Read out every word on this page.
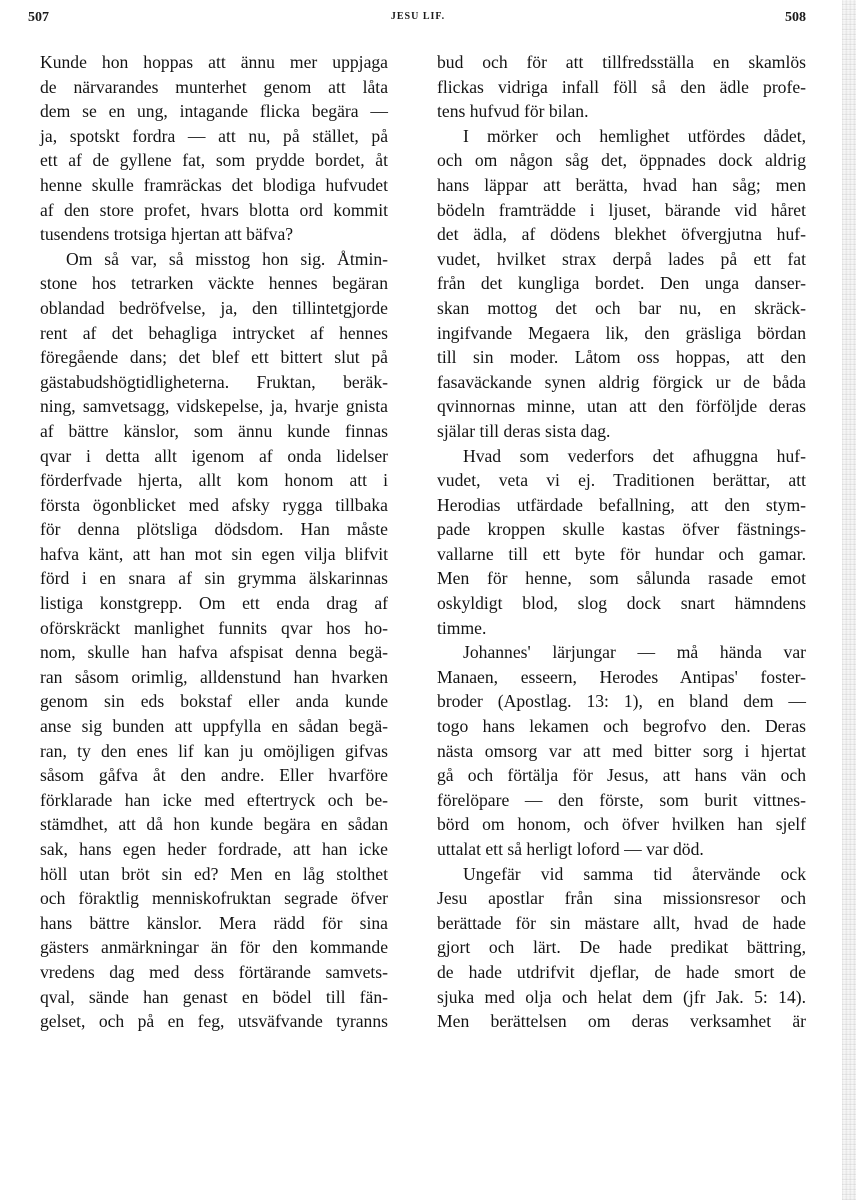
507	JESU LIF.	508
Kunde hon hoppas att ännu mer uppjaga
de närvarandes munterhet genom att låta
dem se en ung, intagande flicka begära —
ja, spotskt fordra — att nu, på stället, på
ett af de gyllene fat, som prydde bordet, åt
henne skulle framräckas det blodiga hufvudet
af den store profet, hvars blotta ord kommit
tusendens trotsiga hjertan att bäfva?
Om så var, så misstog hon sig. Åtmin-
stone hos tetrarken väckte hennes begäran
oblandad bedröfvelse, ja, den tillintetgjorde
rent af det behagliga intrycket af hennes
föregående dans; det blef ett bittert slut på
gästabudshögtidligheterna. Fruktan, beräk-
ning, samvetsagg, vidskepelse, ja, hvarje gnista
af bättre känslor, som ännu kunde finnas
qvar i detta allt igenom af onda lidelser
förderfvade hjerta, allt kom honom att i
första ögonblicket med afsky rygga tillbaka
för denna plötsliga dödsdom. Han måste
hafva känt, att han mot sin egen vilja blifvit
förd i en snara af sin grymma älskarinnas
listiga konstgrepp. Om ett enda drag af
oförskräckt manlighet funnits qvar hos ho-
nom, skulle han hafva afspisat denna begä-
ran såsom orimlig, alldenstund han hvarken
genom sin eds bokstaf eller anda kunde
anse sig bunden att uppfylla en sådan begä-
ran, ty den enes lif kan ju omöjligen gifvas
såsom gåfva åt den andre. Eller hvarföre
förklarade han icke med eftertryck och be-
stämdhet, att då hon kunde begära en sådan
sak, hans egen heder fordrade, att han icke
höll utan bröt sin ed? Men en låg stolthet
och föraktlig menniskofruktan segrade öfver
hans bättre känslor. Mera rädd för sina
gästers anmärkningar än för den kommande
vredens dag med dess förtärande samvets-
qval, sände han genast en bödel till fän-
gelset, och på en feg, utsväfvande tyranns
bud och för att tillfredsställa en skamlös
flickas vidriga infall föll så den ädle profe-
tens hufvud för bilan.
I mörker och hemlighet utfördes dådet,
och om någon såg det, öppnades dock aldrig
hans läppar att berätta, hvad han såg; men
bödeln framträdde i ljuset, bärande vid håret
det ädla, af dödens blekhet öfvergjutna huf-
vudet, hvilket strax derpå lades på ett fat
från det kungliga bordet. Den unga danser-
skan mottog det och bar nu, en skräck-
ingifvande Megaera lik, den gräsliga bördan
till sin moder. Låtom oss hoppas, att den
fasaväckande synen aldrig förgick ur de båda
qvinnornas minne, utan att den förföljde deras
själar till deras sista dag.
Hvad som vederfors det afhuggna huf-
vudet, veta vi ej. Traditionen berättar, att
Herodias utfärdade befallning, att den stym-
pade kroppen skulle kastas öfver fästnings-
vallarne till ett byte för hundar och gamar.
Men för henne, som sålunda rasade emot
oskyldigt blod, slog dock snart hämndens
timme.
Johannes' lärjungar — må hända var
Manaen, esseern, Herodes Antipas' foster-
broder (Apostlag. 13: 1), en bland dem —
togo hans lekamen och begrofvo den. Deras
nästa omsorg var att med bitter sorg i hjertat
gå och förtälja för Jesus, att hans vän och
förelöpare — den förste, som burit vittnes-
börd om honom, och öfver hvilken han sjelf
uttalat ett så herligt loford — var död.
Ungefär vid samma tid återvände ock
Jesu apostlar från sina missionsresor och
berättade för sin mästare allt, hvad de hade
gjort och lärt. De hade predikat bättring,
de hade utdrifvit djeflar, de hade smort de
sjuka med olja och helat dem (jfr Jak. 5: 14).
Men berättelsen om deras verksamhet är
